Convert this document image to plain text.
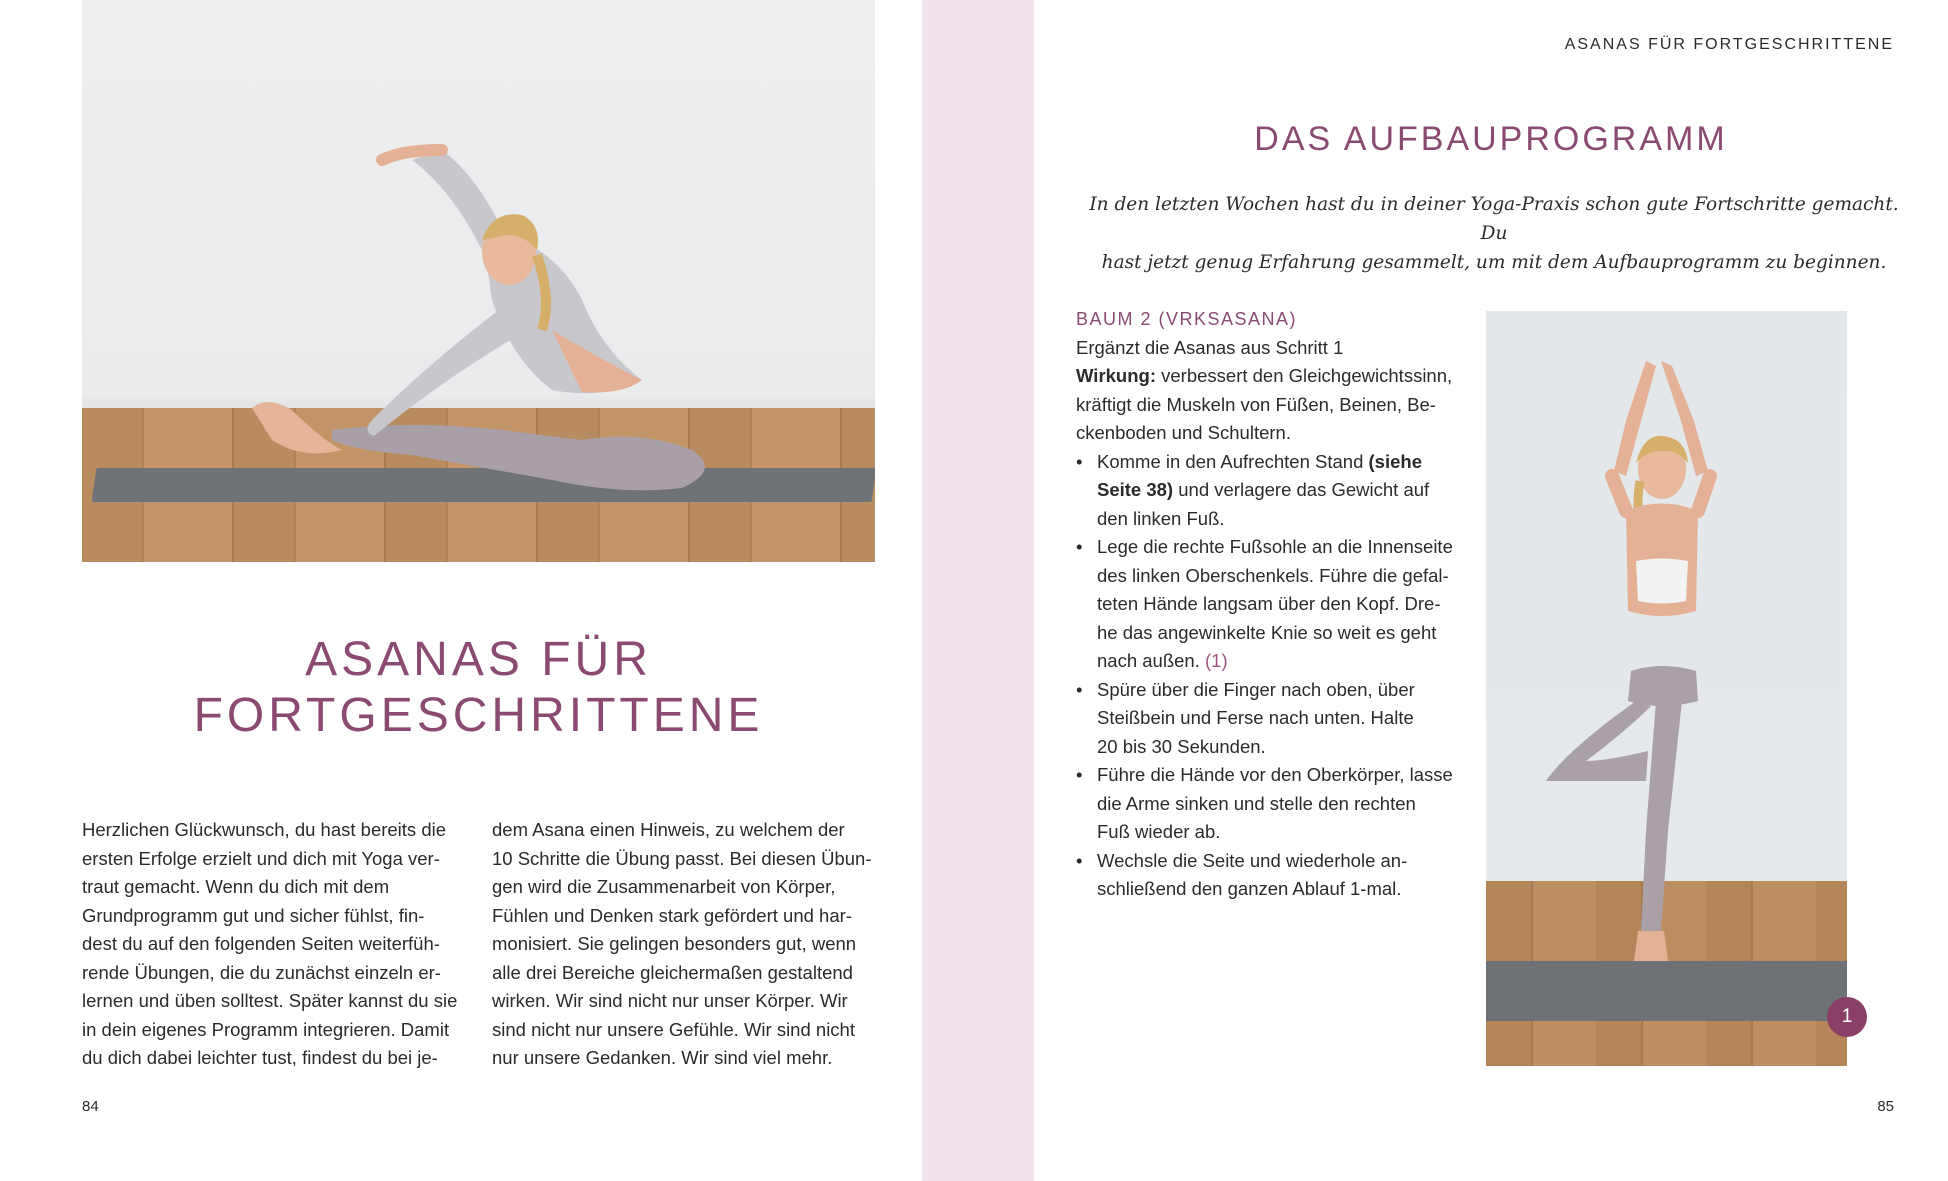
ASANAS FÜR
FORTGESCHRITTENE

Herzlichen Glückwunsch, du hast bereits die

ersten Erfolge erzielt und dich mit Yoga ver-

traut gemacht. Wenn du dich mit dem

Grundprogramm gut und sicher fühlst, fin-

dest du auf den folgenden Seiten weiterfüh-

rende Übungen, die du zunächst einzeln er-

lernen und üben solltest. Später kannst du sie

in dein eigenes Programm integrieren. Damit

du dich dabei leichter tust, findest du bei je-

dem Asana einen Hinweis, zu welchem der

10 Schritte die Übung passt. Bei diesen Übun-

gen wird die Zusammenarbeit von Körper,

Fühlen und Denken stark gefördert und har-

monisiert. Sie gelingen besonders gut, wenn

alle drei Bereiche gleichermaßen gestaltend

wirken. Wir sind nicht nur unser Körper. Wir

sind nicht nur unsere Gefühle. Wir sind nicht

nur unsere Gedanken. Wir sind viel mehr.

84
ASANAS FÜR FORTGESCHRITTENE
DAS AUFBAUPROGRAMM
In den letzten Wochen hast du in deiner Yoga-Praxis schon gute Fortschritte gemacht. Du
hast jetzt genug Erfahrung gesammelt, um mit dem Aufbauprogramm zu beginnen.
BAUM 2 (VRKSASANA)

Ergänzt die Asanas aus Schritt 1

Wirkung: verbessert den Gleichgewichtssinn,

kräftigt die Muskeln von Füßen, Beinen, Be-

ckenboden und Schultern.

• Komme in den Aufrechten Stand (siehe
Seite 38) und verlagere das Gewicht auf
den linken Fuß.
• Lege die rechte Fußsohle an die Innenseite
des linken Oberschenkels. Führe die gefal-
teten Hände langsam über den Kopf. Dre-
he das angewinkelte Knie so weit es geht
nach außen. (1)
• Spüre über die Finger nach oben, über
Steißbein und Ferse nach unten. Halte
20 bis 30 Sekunden.
• Führe die Hände vor den Oberkörper, lasse
die Arme sinken und stelle den rechten
Fuß wieder ab.
• Wechsle die Seite und wiederhole an-
schließend den ganzen Ablauf 1-mal.
1
85
